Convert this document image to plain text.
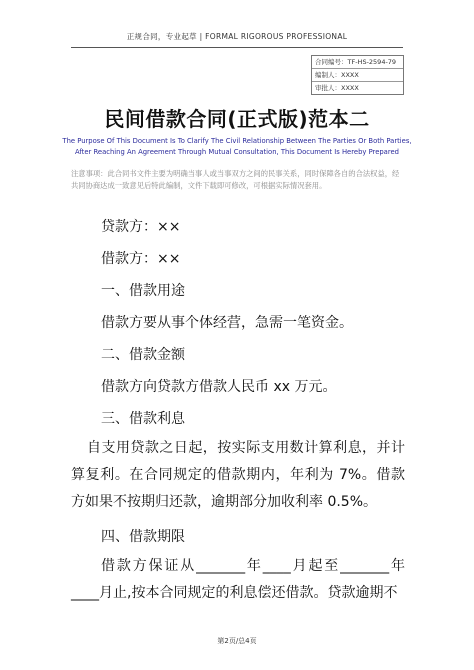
正规合同，专业起草 | FORMAL RIGOROUS PROFESSIONAL
合同编号：TF-HS-2594-79
编制人：XXXX
审批人：XXXX
民间借款合同(正式版)范本二
The Purpose Of This Document Is To Clarify The Civil Relationship Between The Parties Or Both Parties, After Reaching An Agreement Through Mutual Consultation, This Document Is Hereby Prepared
注意事项：此合同书文件主要为明确当事人或当事双方之间的民事关系，同时保障各自的合法权益，经共同协商达成一致意见后特此编制，文件下载即可修改，可根据实际情况套用。
贷款方：××
借款方：××
一、借款用途
借款方要从事个体经营，急需一笔资金。
二、借款金额
借款方向贷款方借款人民币 xx 万元。
三、借款利息
自支用贷款之日起，按实际支用数计算利息，并计算复利。在合同规定的借款期内，年利为 7%。借款方如果不按期归还款，逾期部分加收利率 0.5%。
四、借款期限
借款方保证从_______年____月起至_______年____月止,按本合同规定的利息偿还借款。贷款逾期不
第2页/总4页
